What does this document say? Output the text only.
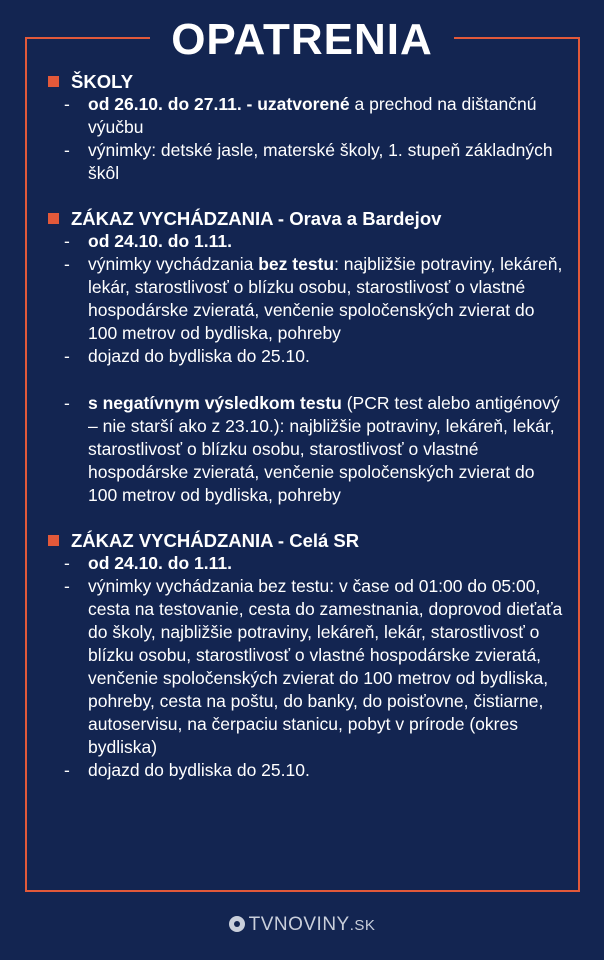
OPATRENIA
ŠKOLY
-	od 26.10. do 27.11. - uzatvorené a prechod na dištančnú výučbu
-	výnimky: detské jasle, materské školy, 1. stupeň základných škôl
ZÁKAZ VYCHÁDZANIA - Orava a Bardejov
-	od 24.10. do 1.11.
-	výnimky vychádzania bez testu: najbližšie potraviny, lekáreň, lekár, starostlivosť o blízku osobu, starostlivosť o vlastné hospodárske zvieratá, venčenie spoločenských zvierat do 100 metrov od bydliska, pohreby
-	dojazd do bydliska do 25.10.
-	s negatívnym výsledkom testu (PCR test alebo antigénový – nie starší ako z 23.10.): najbližšie potraviny, lekáreň, lekár, starostlivosť o blízku osobu, starostlivosť o vlastné hospodárske zvieratá, venčenie spoločenských zvierat do 100 metrov od bydliska, pohreby
ZÁKAZ VYCHÁDZANIA - Celá SR
-	od 24.10. do 1.11.
-	výnimky vychádzania bez testu: v čase od 01:00 do 05:00, cesta na testovanie, cesta do zamestnania, doprovod dieťaťa do školy, najbližšie potraviny, lekáreň, lekár, starostlivosť o blízku osobu, starostlivosť o vlastné hospodárske zvieratá, venčenie spoločenských zvierat do 100 metrov od bydliska, pohreby, cesta na poštu, do banky, do poisťovne, čistiarne, autoservisu, na čerpaciu stanicu, pobyt v prírode (okres bydliska)
-	dojazd do bydliska do 25.10.
TVNOVINY.SK
